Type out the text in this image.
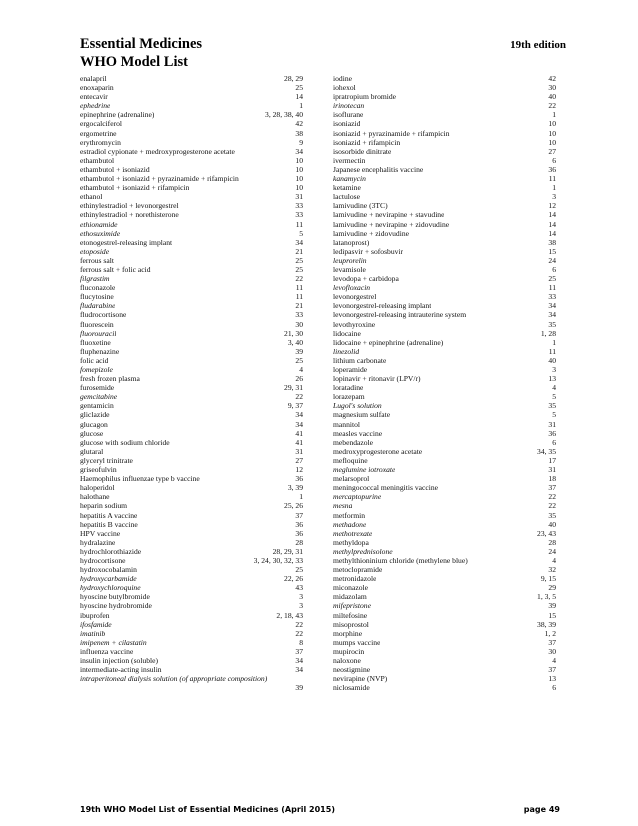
Essential Medicines
WHO Model List
19th edition
enalapril	28, 29
enoxaparin	25
entecavir	14
ephedrine	1
epinephrine (adrenaline)	3, 28, 38, 40
ergocalciferol	42
ergometrine	38
erythromycin	9
estradiol cypionate + medroxyprogesterone acetate	34
ethambutol	10
ethambutol + isoniazid	10
ethambutol + isoniazid + pyrazinamide + rifampicin	10
ethambutol + isoniazid + rifampicin	10
ethanol	31
ethinylestradiol + levonorgestrel	33
ethinylestradiol + norethisterone	33
ethionamide	11
ethosuximide	5
etonogestrel-releasing implant	34
etoposide	21
ferrous salt	25
ferrous salt + folic acid	25
filgrastim	22
fluconazole	11
flucytosine	11
fludarabine	21
fludrocortisone	33
fluorescein	30
fluorouracil	21, 30
fluoxetine	3, 40
fluphenazine	39
folic acid	25
fomepizole	4
fresh frozen plasma	26
furosemide	29, 31
gemcitabine	22
gentamicin	9, 37
gliclazide	34
glucagon	34
glucose	41
glucose with sodium chloride	41
glutaral	31
glyceryl trinitrate	27
griseofulvin	12
Haemophilus influenzae type b vaccine	36
haloperidol	3, 39
halothane	1
heparin sodium	25, 26
hepatitis A vaccine	37
hepatitis B vaccine	36
HPV vaccine	36
hydralazine	28
hydrochlorothiazide	28, 29, 31
hydrocortisone	3, 24, 30, 32, 33
hydroxocobalamin	25
hydroxycarbamide	22, 26
hydroxychloroquine	43
hyoscine butylbromide	3
hyoscine hydrobromide	3
ibuprofen	2, 18, 43
ifosfamide	22
imatinib	22
imipenem + cilastatin	8
influenza vaccine	37
insulin injection (soluble)	34
intermediate-acting insulin	34
intraperitoneal dialysis solution (of appropriate composition)
39
iodine	42
iohexol	30
ipratropium bromide	40
irinotecan	22
isoflurane	1
isoniazid	10
isoniazid + pyrazinamide + rifampicin	10
isoniazid + rifampicin	10
isosorbide dinitrate	27
ivermectin	6
Japanese encephalitis vaccine	36
kanamycin	11
ketamine	1
lactulose	3
lamivudine (3TC)	12
lamivudine + nevirapine + stavudine	14
lamivudine + nevirapine + zidovudine	14
lamivudine + zidovudine	14
latanoprost)	38
ledipasvir + sofosbuvir	15
leuprorelin	24
levamisole	6
levodopa + carbidopa	25
levofloxacin	11
levonorgestrel	33
levonorgestrel-releasing implant	34
levonorgestrel-releasing intrauterine system	34
levothyroxine	35
lidocaine	1, 28
lidocaine + epinephrine (adrenaline)	1
linezolid	11
lithium carbonate	40
loperamide	3
lopinavir + ritonavir (LPV/r)	13
loratadine	4
lorazepam	5
Lugol's solution	35
magnesium sulfate	5
mannitol	31
measles vaccine	36
mebendazole	6
medroxyprogesterone acetate	34, 35
mefloquine	17
meglumine iotroxate	31
melarsoprol	18
meningococcal meningitis vaccine	37
mercaptopurine	22
mesna	22
metformin	35
methadone	40
methotrexate	23, 43
methyldopa	28
methylprednisolone	24
methylthioninium chloride (methylene blue)	4
metoclopramide	32
metronidazole	9, 15
miconazole	29
midazolam	1, 3, 5
mifepristone	39
miltefosine	15
misoprostol	38, 39
morphine	1, 2
mumps vaccine	37
mupirocin	30
naloxone	4
neostigmine	37
nevirapine (NVP)	13
niclosamide	6
19th WHO Model List of Essential Medicines (April 2015)	page 49
